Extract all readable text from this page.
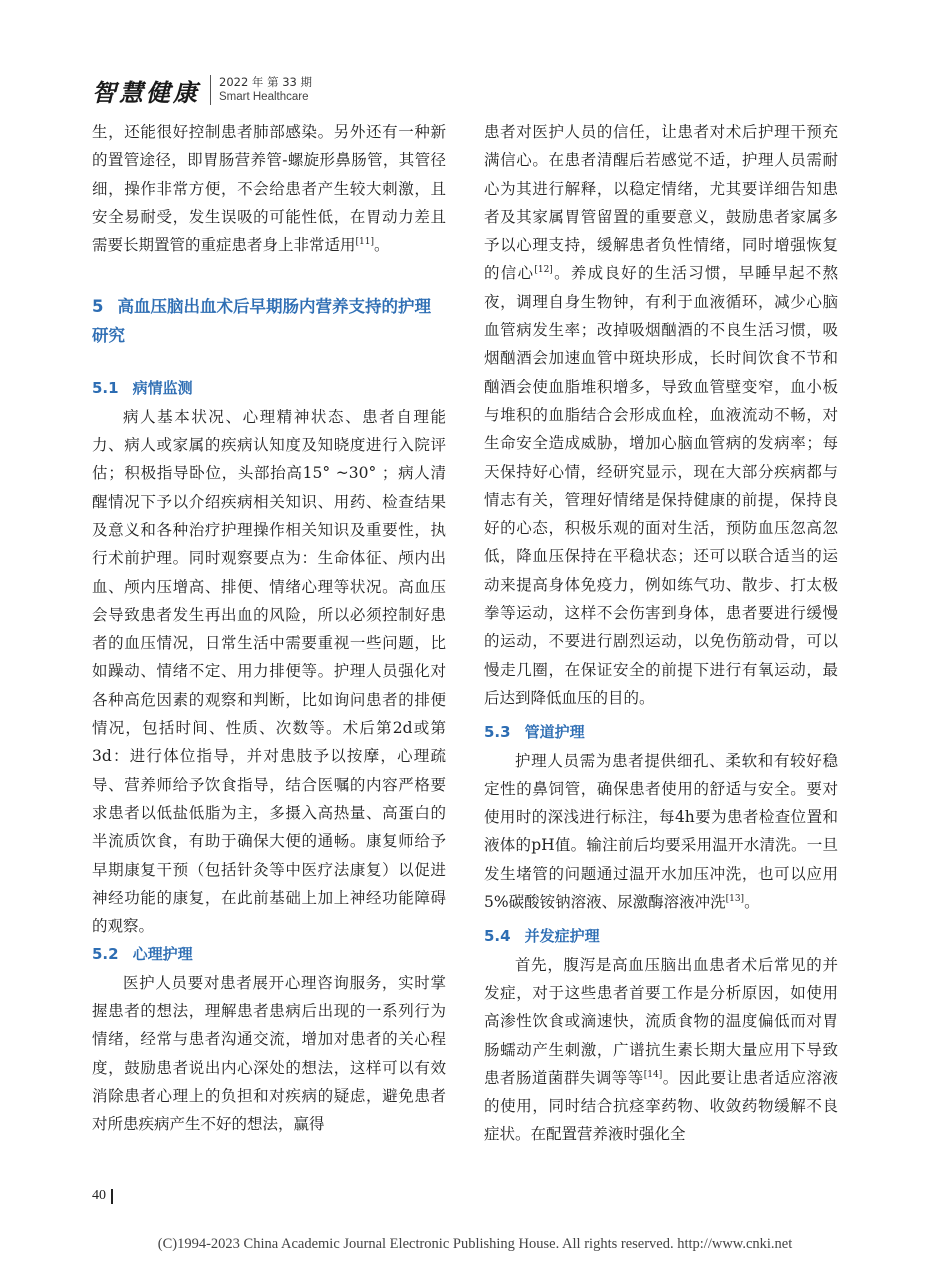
智慧健康 2022 年 第 33 期
Smart Healthcare

生，还能很好控制患者肺部感染。另外还有一种新的置管途径，即胃肠营养管-螺旋形鼻肠管，其管径细，操作非常方便，不会给患者产生较大刺激，且安全易耐受，发生误吸的可能性低，在胃动力差且需要长期置管的重症患者身上非常适用[11]。

5 高血压脑出血术后早期肠内营养支持的护理研究
5.1 病情监测

病人基本状况、心理精神状态、患者自理能力、病人或家属的疾病认知度及知晓度进行入院评估；积极指导卧位，头部抬高15° ~30° ；病人清醒情况下予以介绍疾病相关知识、用药、检查结果及意义和各种治疗护理操作相关知识及重要性，执行术前护理。同时观察要点为：生命体征、颅内出血、颅内压增高、排便、情绪心理等状况。高血压会导致患者发生再出血的风险，所以必须控制好患者的血压情况，日常生活中需要重视一些问题，比如躁动、情绪不定、用力排便等。护理人员强化对各种高危因素的观察和判断，比如询问患者的排便情况，包括时间、性质、次数等。术后第2d或第3d：进行体位指导，并对患肢予以按摩，心理疏导、营养师给予饮食指导，结合医嘱的内容严格要求患者以低盐低脂为主，多摄入高热量、高蛋白的半流质饮食，有助于确保大便的通畅。康复师给予早期康复干预（包括针灸等中医疗法康复）以促进神经功能的康复，在此前基础上加上神经功能障碍的观察。

5.2 心理护理

医护人员要对患者展开心理咨询服务，实时掌握患者的想法，理解患者患病后出现的一系列行为情绪，经常与患者沟通交流，增加对患者的关心程度，鼓励患者说出内心深处的想法，这样可以有效消除患者心理上的负担和对疾病的疑虑，避免患者对所患疾病产生不好的想法，赢得

患者对医护人员的信任，让患者对术后护理干预充满信心。在患者清醒后若感觉不适，护理人员需耐心为其进行解释，以稳定情绪，尤其要详细告知患者及其家属胃管留置的重要意义，鼓励患者家属多予以心理支持，缓解患者负性情绪，同时增强恢复的信心[12]。养成良好的生活习惯，早睡早起不熬夜，调理自身生物钟，有利于血液循环，减少心脑血管病发生率；改掉吸烟酗酒的不良生活习惯，吸烟酗酒会加速血管中斑块形成，长时间饮食不节和酗酒会使血脂堆积增多，导致血管壁变窄，血小板与堆积的血脂结合会形成血栓，血液流动不畅，对生命安全造成威胁，增加心脑血管病的发病率；每天保持好心情，经研究显示，现在大部分疾病都与情志有关，管理好情绪是保持健康的前提，保持良好的心态，积极乐观的面对生活，预防血压忽高忽低，降血压保持在平稳状态；还可以联合适当的运动来提高身体免疫力，例如练气功、散步、打太极拳等运动，这样不会伤害到身体，患者要进行缓慢的运动，不要进行剧烈运动，以免伤筋动骨，可以慢走几圈，在保证安全的前提下进行有氧运动，最后达到降低血压的目的。

5.3 管道护理

护理人员需为患者提供细孔、柔软和有较好稳定性的鼻饲管，确保患者使用的舒适与安全。要对使用时的深浅进行标注，每4h要为患者检查位置和液体的pH值。输注前后均要采用温开水清洗。一旦发生堵管的问题通过温开水加压冲洗，也可以应用5%碳酸铵钠溶液、尿激酶溶液冲洗[13]。

5.4 并发症护理

首先，腹泻是高血压脑出血患者术后常见的并发症，对于这些患者首要工作是分析原因，如使用高渗性饮食或滴速快，流质食物的温度偏低而对胃肠蠕动产生刺激，广谱抗生素长期大量应用下导致患者肠道菌群失调等等[14]。因此要让患者适应溶液的使用，同时结合抗痉挛药物、收敛药物缓解不良症状。在配置营养液时强化全

40
(C)1994-2023 China Academic Journal Electronic Publishing House. All rights reserved. http://www.cnki.net
